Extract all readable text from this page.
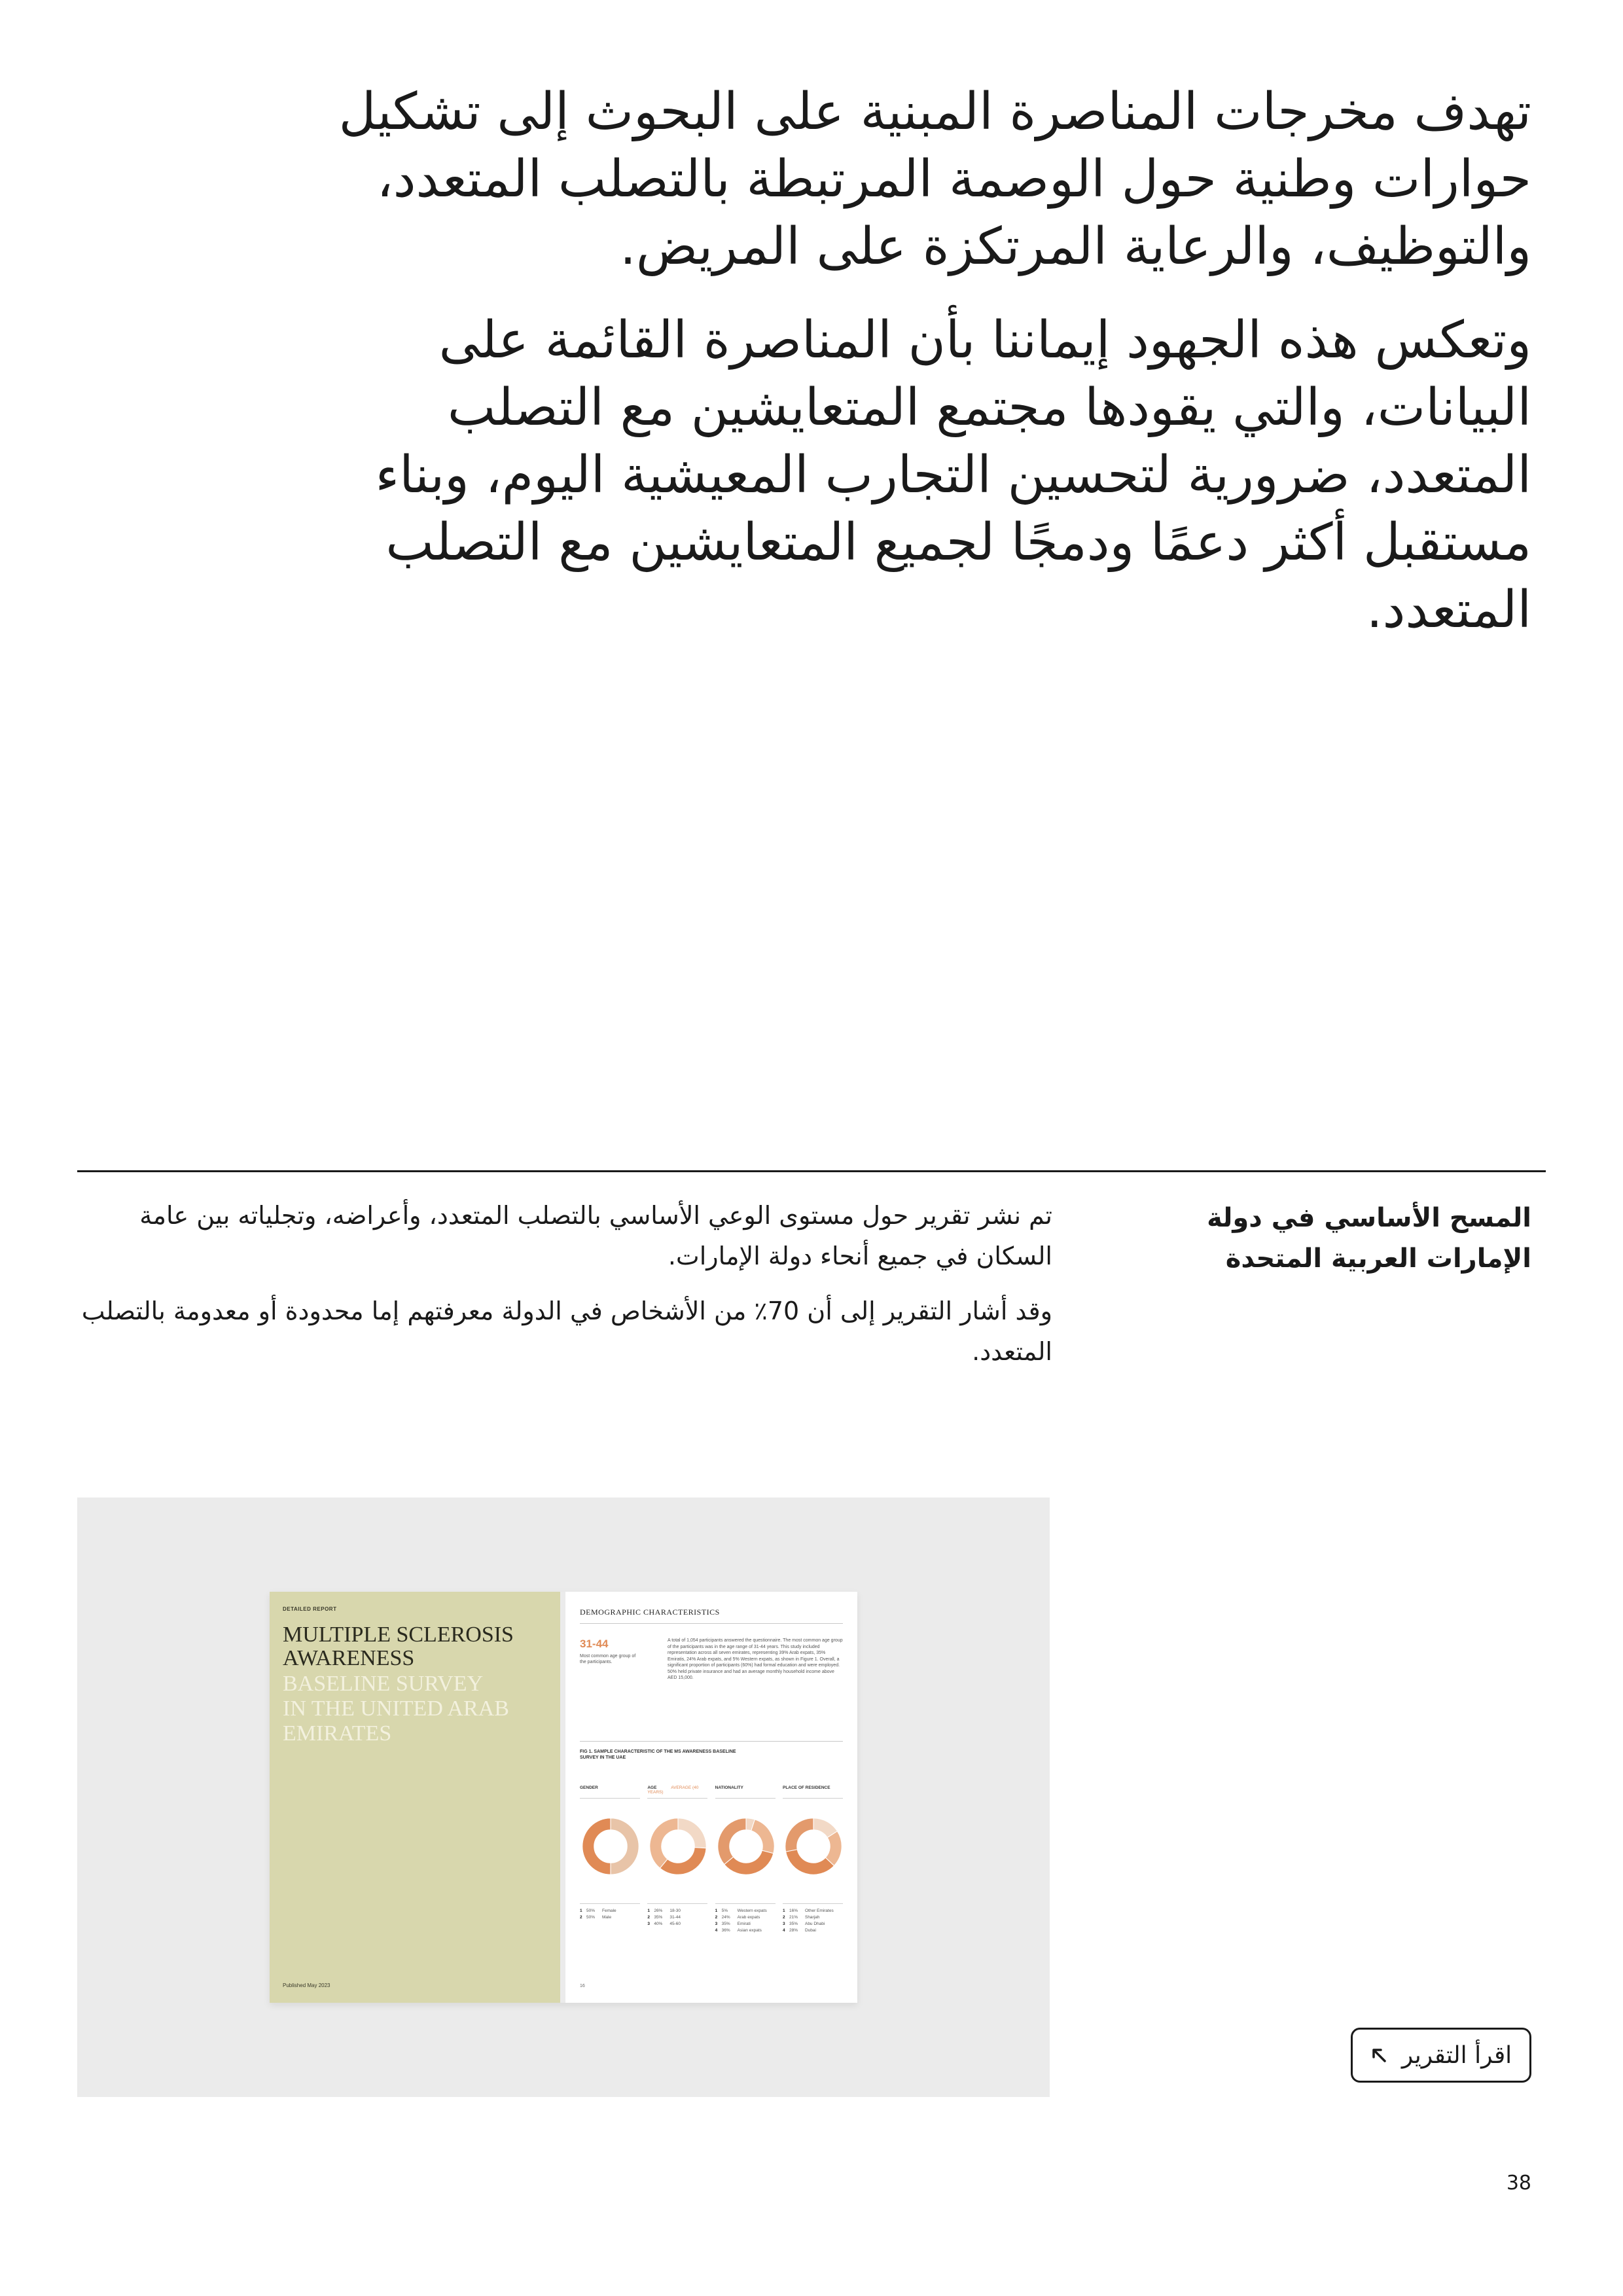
تهدف مخرجات المناصرة المبنية على البحوث إلى تشكيل حوارات وطنية حول الوصمة المرتبطة بالتصلب المتعدد، والتوظيف، والرعاية المرتكزة على المريض.

وتعكس هذه الجهود إيماننا بأن المناصرة القائمة على البيانات، والتي يقودها مجتمع المتعايشين مع التصلب المتعدد، ضرورية لتحسين التجارب المعيشية اليوم، وبناء مستقبل أكثر دعمًا ودمجًا لجميع المتعايشين مع التصلب المتعدد.

المسح الأساسي في دولة الإمارات العربية المتحدة

تم نشر تقرير حول مستوى الوعي الأساسي بالتصلب المتعدد، وأعراضه، وتجلياته بين عامة السكان في جميع أنحاء دولة الإمارات.

وقد أشار التقرير إلى أن 70٪ من الأشخاص في الدولة معرفتهم إما محدودة أو معدومة بالتصلب المتعدد.

DETAILED REPORT
MULTIPLE SCLEROSIS
AWARENESS
BASELINE SURVEY
IN THE UNITED ARAB
EMIRATES
Published May 2023
DEMOGRAPHIC CHARACTERISTICS
31-44
Most common age group of the participants.
A total of 1,054 participants answered the questionnaire. The most common age group of the participants was in the age range of 31-44 years. This study included representation across all seven emirates, representing 39% Arab expats, 35% Emiratis, 24% Arab expats, and 5% Western expats, as shown in Figure 1. Overall, a significant proportion of participants (60%) had formal education and were employed. 50% held private insurance and had an average monthly household income above AED 15,000.
FIG 1. SAMPLE CHARACTERISTIC OF THE MS AWARENESS BASELINE SURVEY IN THE UAE
GENDER
1 50%	Female
2 50%	Male
AGE	AVERAGE (40 YEARS)
1 26%	18-30
2 35%	31-44
3 40%	45-60
NATIONALITY
1 5%	Western expats
2 24%	Arab expats
3 35%	Emirati
4 36%	Asian expats
PLACE OF RESIDENCE
1 16%	Other Emirates
2 21%	Sharjah
3 35%	Abu Dhabi
4 28%	Dubai
16
اقرأ التقرير
38
